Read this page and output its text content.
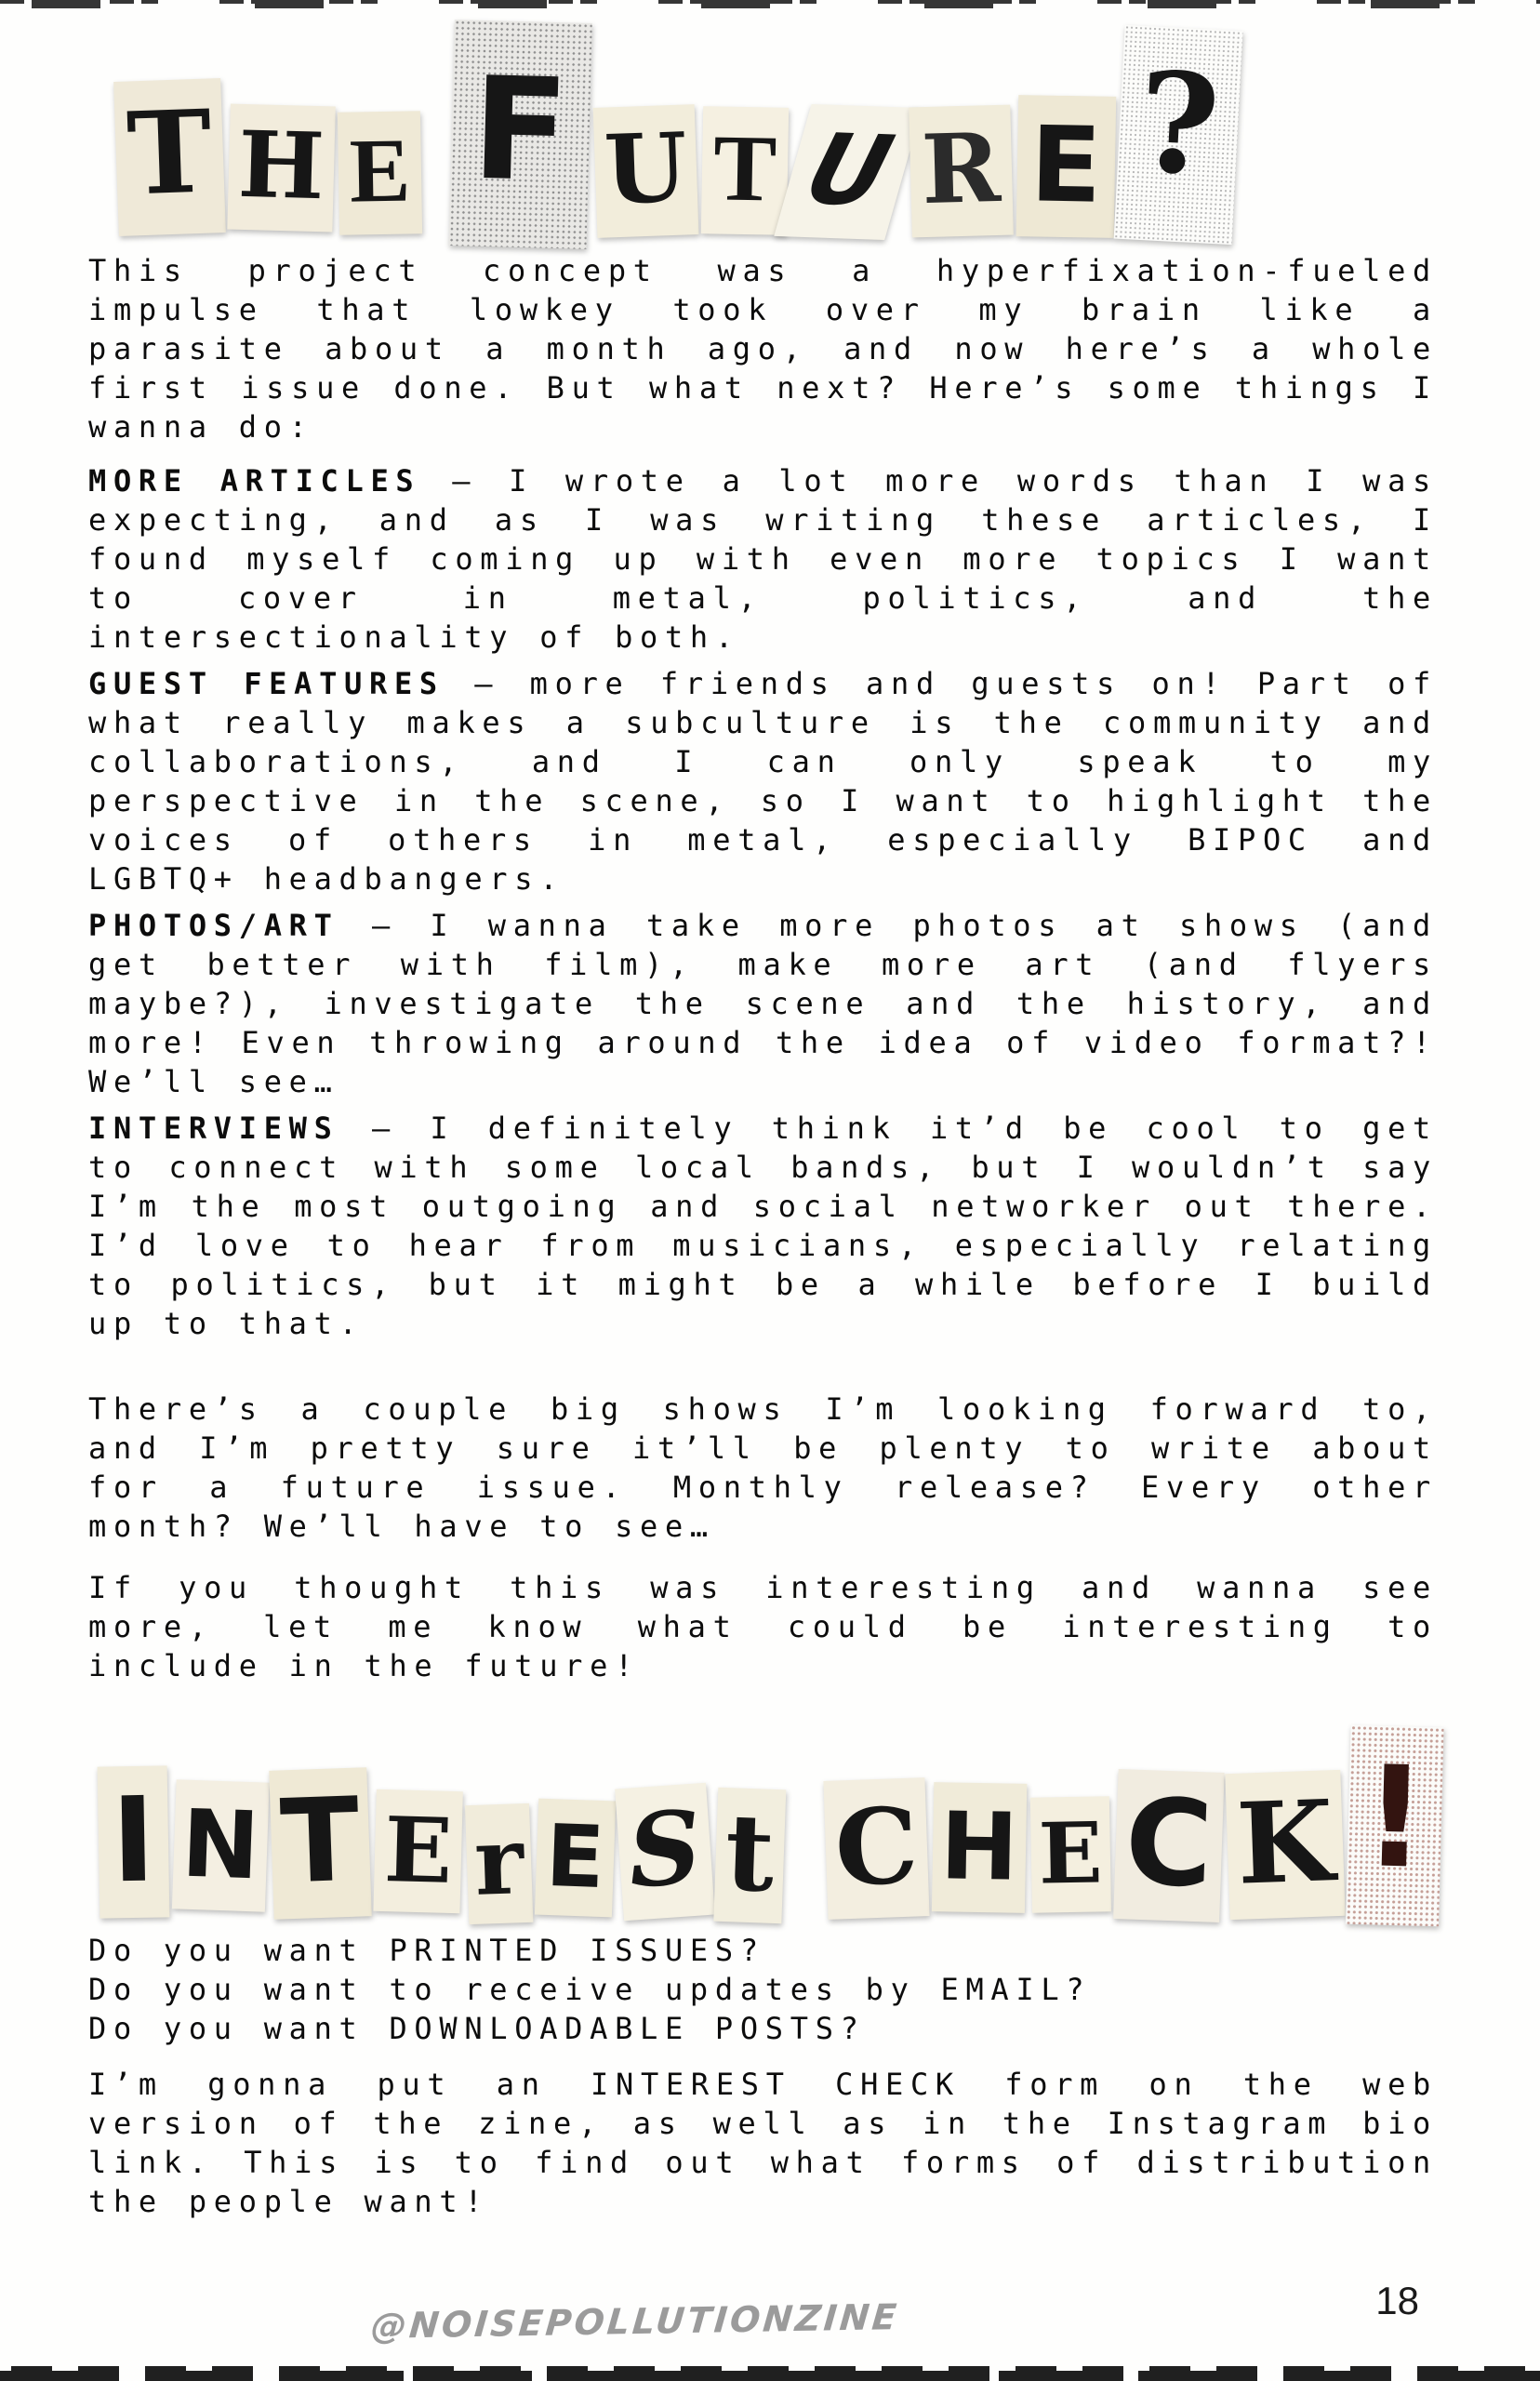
T H E F U T U R E ?

This project concept was a hyperfixation-fueled impulse that lowkey took over my brain like a parasite about a month ago, and now here’s a whole first issue done. But what next? Here’s some things I wanna do:

MORE ARTICLES — I wrote a lot more words than I was expecting, and as I was writing these articles, I found myself coming up with even more topics I want to cover in metal, politics, and the intersectionality of both.

GUEST FEATURES — more friends and guests on! Part of what really makes a subculture is the community and collaborations, and I can only speak to my perspective in the scene, so I want to highlight the voices of others in metal, especially BIPOC and LGBTQ+ headbangers.

PHOTOS/ART — I wanna take more photos at shows (and get better with film), make more art (and flyers maybe?), investigate the scene and the history, and more! Even throwing around the idea of video format?! We’ll see…

INTERVIEWS — I definitely think it’d be cool to get to connect with some local bands, but I wouldn’t say I’m the most outgoing and social networker out there. I’d love to hear from musicians, especially relating to politics, but it might be a while before I build up to that.

There’s a couple big shows I’m looking forward to, and I’m pretty sure it’ll be plenty to write about for a future issue. Monthly release? Every other month? We’ll have to see…

If you thought this was interesting and wanna see more, let me know what could be interesting to include in the future!

I N T E r E S t C H E C K !
Do you want PRINTED ISSUES?
Do you want to receive updates by EMAIL?
Do you want DOWNLOADABLE POSTS?

I’m gonna put an INTEREST CHECK form on the web version of the zine, as well as in the Instagram bio link. This is to find out what forms of distribution the people want!

@NOISEPOLLUTIONZINE	18
